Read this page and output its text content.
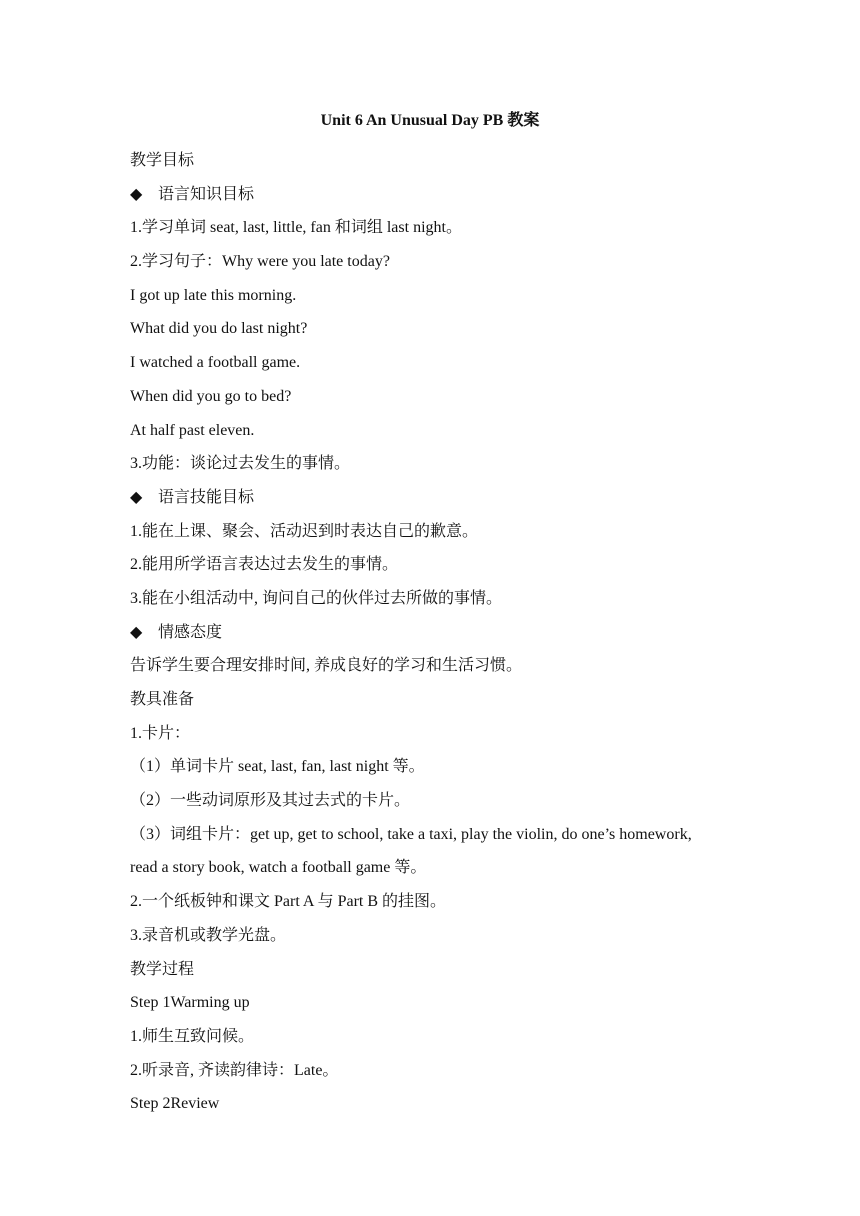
Unit 6 An Unusual Day PB 教案
教学目标
◆ 语言知识目标
1.学习单词 seat, last, little, fan 和词组 last night。
2.学习句子：Why were you late today?
I got up late this morning.
What did you do last night?
I watched a football game.
When did you go to bed?
At half past eleven.
3.功能：谈论过去发生的事情。
◆ 语言技能目标
1.能在上课、聚会、活动迟到时表达自己的歉意。
2.能用所学语言表达过去发生的事情。
3.能在小组活动中, 询问自己的伙伴过去所做的事情。
◆ 情感态度
告诉学生要合理安排时间, 养成良好的学习和生活习惯。
教具准备
1.卡片：
（1）单词卡片 seat, last, fan, last night 等。
（2）一些动词原形及其过去式的卡片。
（3）词组卡片：get up, get to school, take a taxi, play the violin, do one’s homework,
read a story book, watch a football game 等。
2.一个纸板钟和课文 Part A 与 Part B 的挂图。
3.录音机或教学光盘。
教学过程
Step 1Warming up
1.师生互致问候。
2.听录音, 齐读韵律诗：Late。
Step 2Review
